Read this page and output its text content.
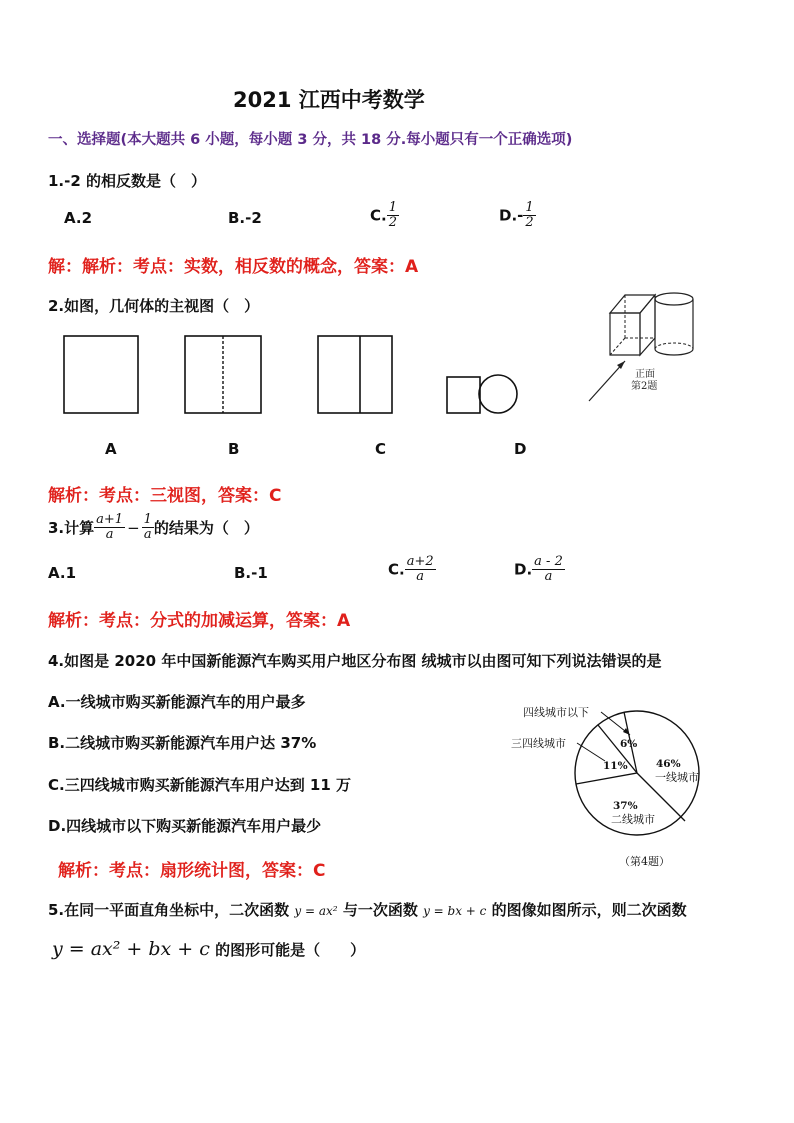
2021 江西中考数学
一、选择题(本大题共 6 小题，每小题 3 分，共 18 分.每小题只有一个正确选项)
1.-2 的相反数是（　）
A.2	B.-2	C. $\frac{1}{2}$	$D.- \frac{1}{2}$
解：解析：考点：实数，相反数的概念，答案：A
2.如图，几何体的主视图（　）
正面
第2题
A	B	C	D
解析：考点：三视图，答案：C
3.计算 $\frac{a+1}{a} - \frac{1}{a}$ 的结果为（　）
A.1	B.-1	C. $\frac{a+2}{a}$	D. $\frac{a - 2}{a}$
解析：考点：分式的加减运算，答案：A
4.如图是 2020 年中国新能源汽车购买用户地区分布图 绒城市以由图可知下列说法错误的是
A.一线城市购买新能源汽车的用户最多
B.二线城市购买新能源汽车用户达 37%
C.三四线城市购买新能源汽车用户达到 11 万
D.四线城市以下购买新能源汽车用户最少
四线城市以下
三四线城市	6%
11%	46%
一线城市
37%
二线城市
（第4题）
解析：考点：扇形统计图，答案：C
5.在同一平面直角坐标中，二次函数 y = ax² 与一次函数 y = bx + c 的图像如图所示，则二次函数
y = ax² + bx + c 的图形可能是（　　）
